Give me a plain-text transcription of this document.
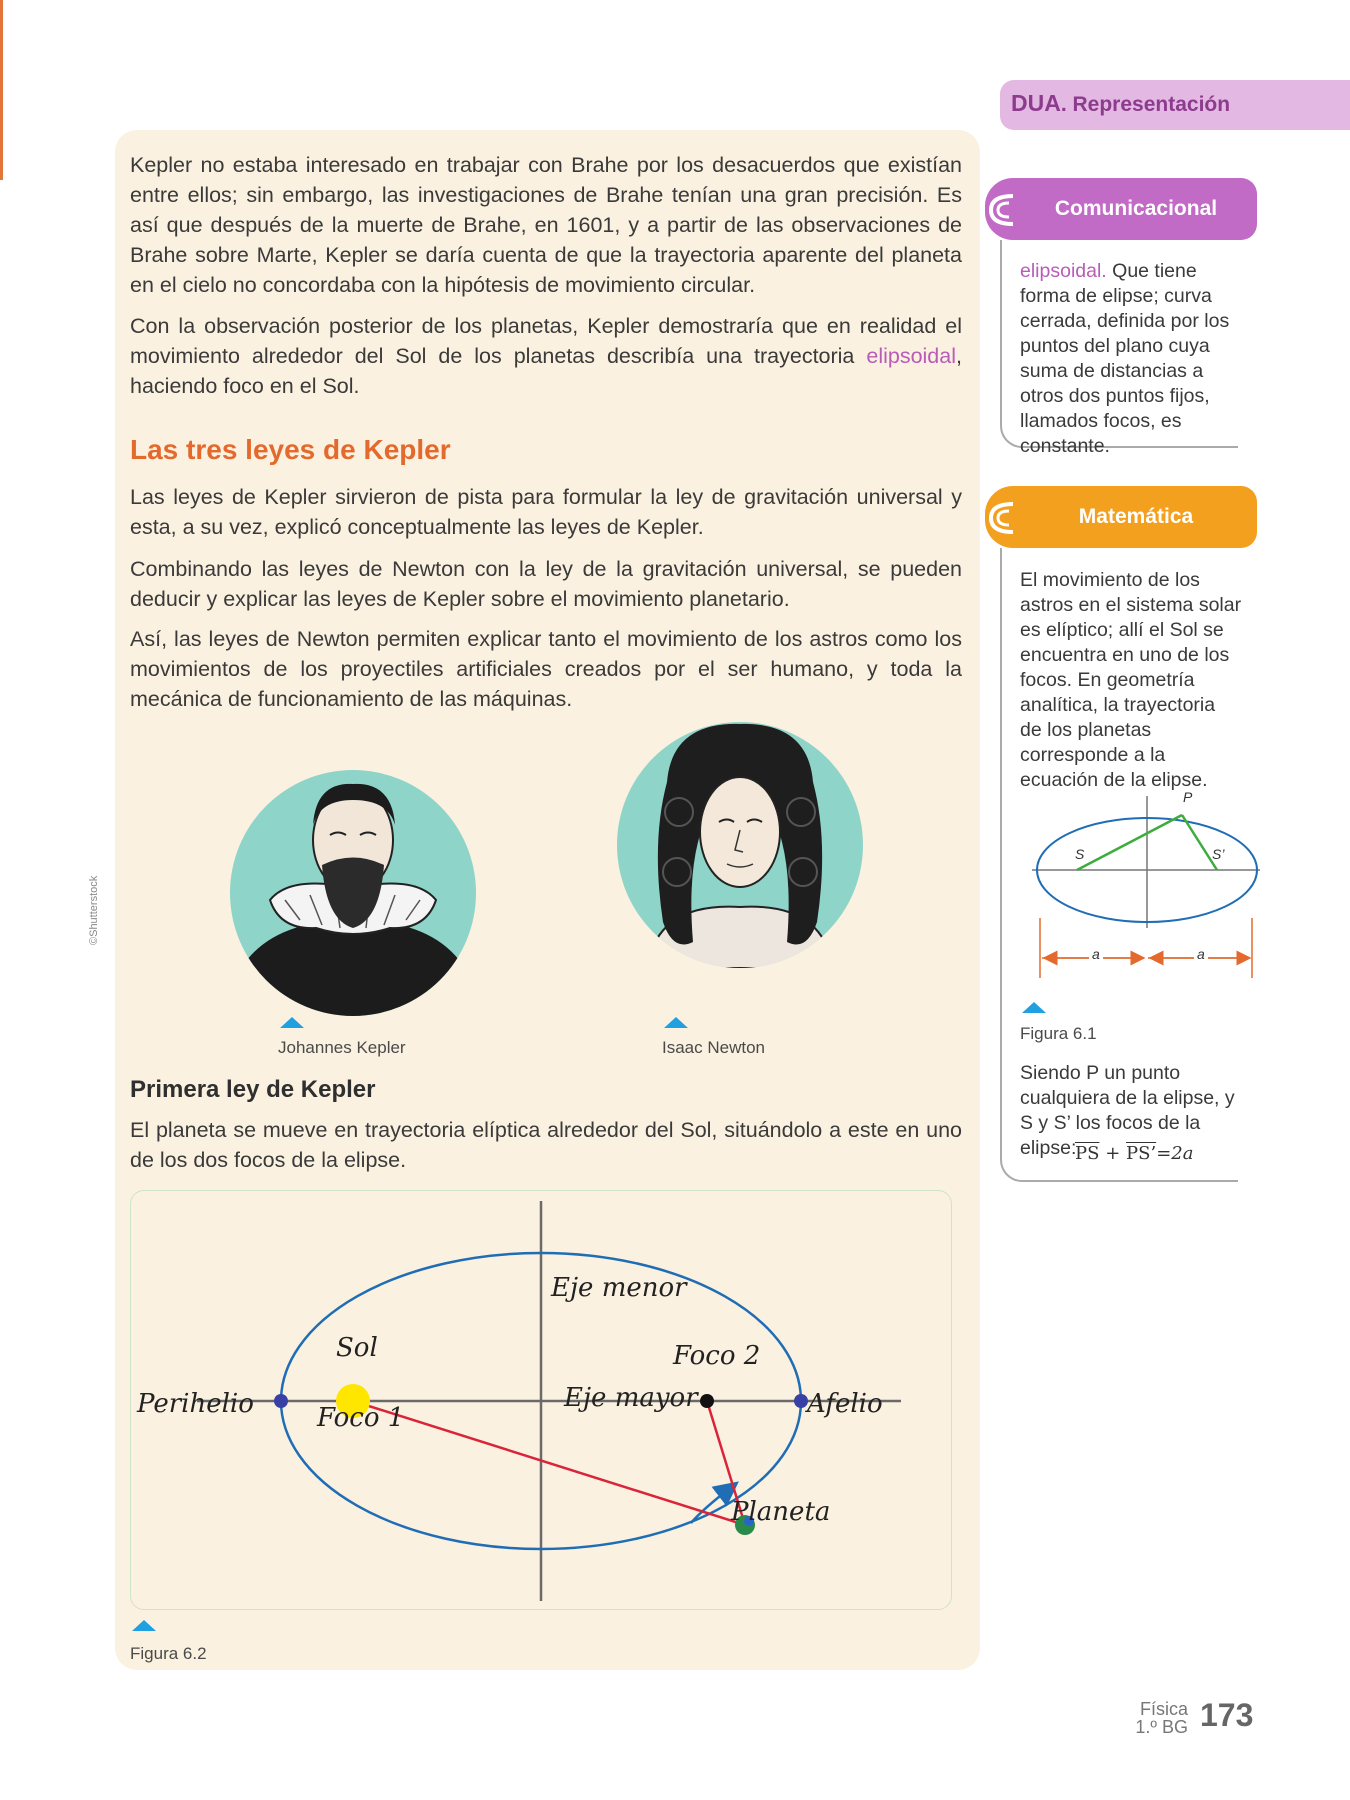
Kepler no estaba interesado en trabajar con Brahe por los desacuerdos que existían entre ellos; sin embargo, las investigaciones de Brahe tenían una gran precisión. Es así que después de la muerte de Brahe, en 1601, y a partir de las observaciones de Brahe sobre Marte, Kepler se daría cuenta de que la trayectoria aparente del planeta en el cielo no concordaba con la hipótesis de movimiento circular.

Con la observación posterior de los planetas, Kepler demostraría que en realidad el movimiento alrededor del Sol de los planetas describía una trayectoria elipsoidal, haciendo foco en el Sol.

Las tres leyes de Kepler

Las leyes de Kepler sirvieron de pista para formular la ley de gravitación universal y esta, a su vez, explicó conceptualmente las leyes de Kepler.

Combinando las leyes de Newton con la ley de la gravitación universal, se pueden deducir y explicar las leyes de Kepler sobre el movimiento planetario.

Así, las leyes de Newton permiten explicar tanto el movimiento de los astros como los movimientos de los proyectiles artificiales creados por el ser humano, y toda la mecánica de funcionamiento de las máquinas.

©Shutterstock
Johannes Kepler	Isaac Newton
Primera ley de Kepler

El planeta se mueve en trayectoria elíptica alrededor del Sol, situándolo a este en uno de los dos focos de la elipse.

Eje menor
Eje mayor
Sol
Foco 1
Foco 2
Perihelio	Afelio
Planeta
Figura 6.2
DUA. Representación
Comunicacional

elipsoidal. Que tiene forma de elipse; curva cerrada, definida por los puntos del plano cuya suma de distancias a otros dos puntos fijos, llamados focos, es constante.

Matemática

El movimiento de los astros en el sistema solar es elíptico; allí el Sol se encuentra en uno de los focos. En geometría analítica, la trayectoria de los planetas corresponde a la ecuación de la elipse.

P
S	S’
a	a
Figura 6.1

Siendo P un punto cualquiera de la elipse, y S y S’ los focos de la elipse:

$\overline{PS}$ + PS’=2a
Física
1.º BG 173
